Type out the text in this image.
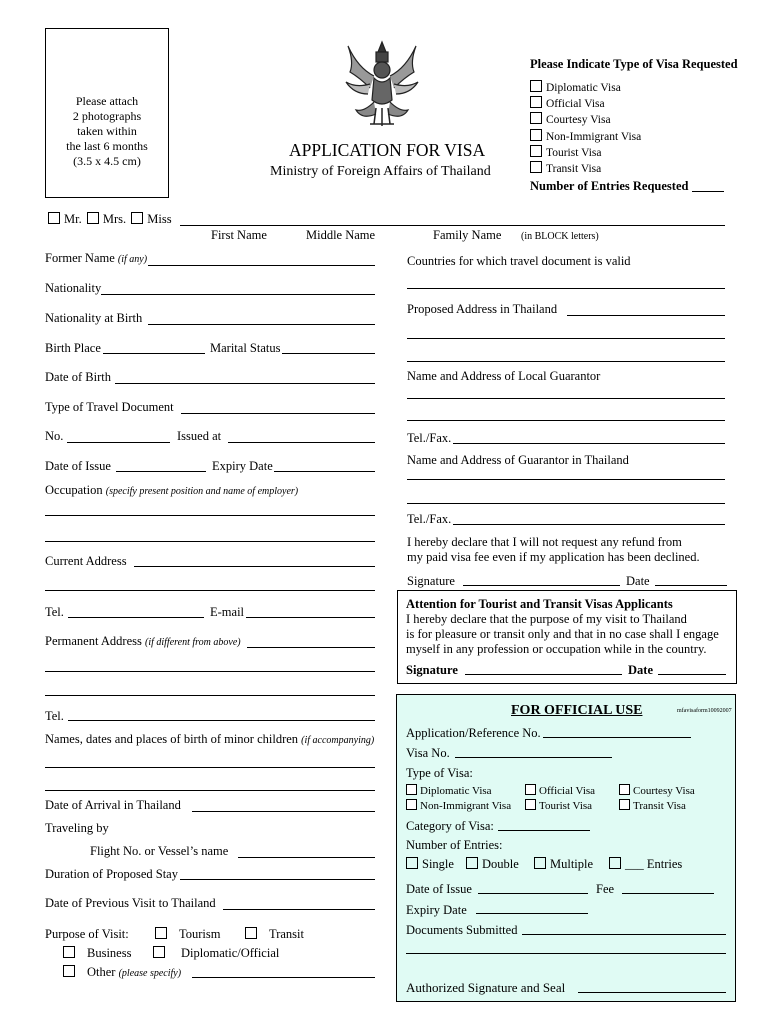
Please attach
2 photographs
taken within
the last 6 months
(3.5 x 4.5 cm)
APPLICATION FOR VISA
Ministry of Foreign Affairs of Thailand
Please Indicate Type of Visa Requested
Diplomatic Visa
Official Visa
Courtesy Visa
Non-Immigrant Visa
Tourist Visa
Transit Visa
Number of Entries Requested
Mr. Mrs. Miss
First Name	Middle Name	Family Name (in BLOCK letters)
Former Name (if any)
Nationality
Nationality at Birth
Birth Place	Marital Status
Date of Birth
Type of Travel Document
No.	Issued at
Date of Issue	Expiry Date
Occupation (specify present position and name of employer)
Current Address
Tel.	E-mail
Permanent Address (if different from above)
Tel.
Names, dates and places of birth of minor children (if accompanying)
Date of Arrival in Thailand
Traveling by
Flight No. or Vessel’s name
Duration of Proposed Stay
Date of Previous Visit to Thailand
Purpose of Visit:	Tourism	Transit
Business	Diplomatic/Official
Other (please specify)
Countries for which travel document is valid
Proposed Address in Thailand
Name and Address of Local Guarantor
Tel./Fax.
Name and Address of Guarantor in Thailand
Tel./Fax.
I hereby declare that I will not request any refund from
my paid visa fee even if my application has been declined.
Signature	Date
Attention for Tourist and Transit Visas Applicants
I hereby declare that the purpose of my visit to Thailand
is for pleasure or transit only and that in no case shall I engage
myself in any profession or occupation while in the country.
Signature	Date
FOR OFFICIAL USE	mfavisaform10092007
Application/Reference No.
Visa No.
Type of Visa:
Diplomatic Visa	Official Visa	Courtesy Visa
Non-Immigrant Visa	Tourist Visa	Transit Visa
Category of Visa:
Number of Entries:
Single	Double	Multiple	___ Entries
Date of Issue	Fee
Expiry Date
Documents Submitted
Authorized Signature and Seal
